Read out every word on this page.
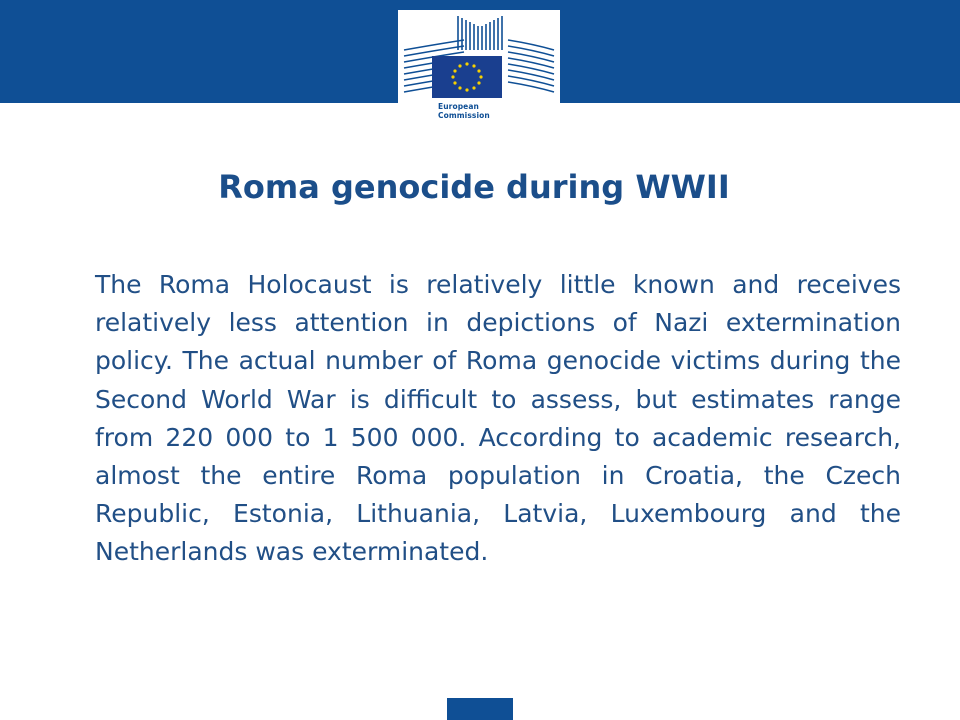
European
Commission
Roma genocide during WWII

The Roma Holocaust is relatively little known and receives relatively less attention in depictions of Nazi extermination policy. The actual number of Roma genocide victims during the Second World War is difficult to assess, but estimates range from 220 000 to 1 500 000. According to academic research, almost the entire Roma population in Croatia, the Czech Republic, Estonia, Lithuania, Latvia, Luxembourg and the Netherlands was exterminated.
